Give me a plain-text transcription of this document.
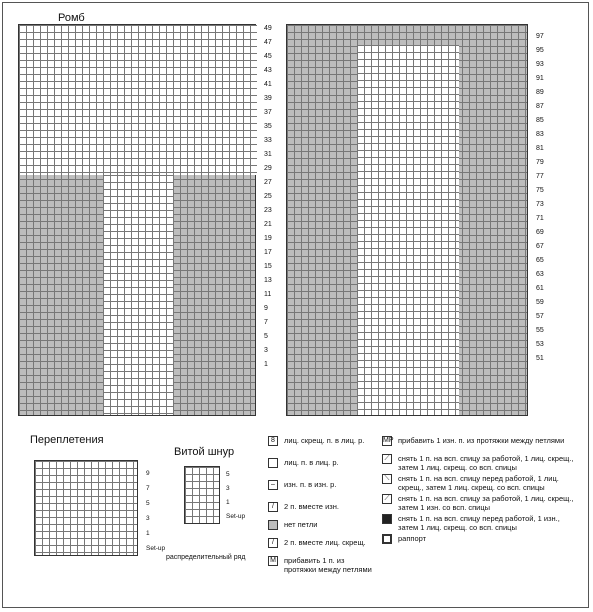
Ромб
49
47
45
43
41
39
37
35
33
31
29
27
25
23
21
19
17
15
13
11
9
7
5
3
1
97
95
93
91
89
87
85
83
81
79
77
75
73
71
69
67
65
63
61
59
57
55
53
51
Переплетения
9
7
5
3
1
Set-up
Витой шнур
5
3
1
Set-up
распределительный ряд
8	лиц. скрещ. п. в лиц. р.
лиц. п. в лиц. р.
–	изн. п. в изн. р.
/	2 п. вместе изн.
нет петли
/	2 п. вместе лиц. скрещ.
M прибавить 1 п. из протяжки между петлями
MP прибавить 1 изн. п. из протяжки между петлями
⟋	снять 1 п. на всп. спицу за работой, 1 лиц. скрещ., затем 1 лиц. скрещ. со всп. спицы
⟍	снять 1 п. на всп. спицу перед работой, 1 лиц. скрещ., затем 1 лиц. скрещ. со всп. спицы
⟋	снять 1 п. на всп. спицу за работой, 1 лиц. скрещ., затем 1 изн. со всп. спицы
снять 1 п. на всп. спицу перед работой, 1 изн., затем 1 лиц. скрещ. со всп. спицы
раппорт
